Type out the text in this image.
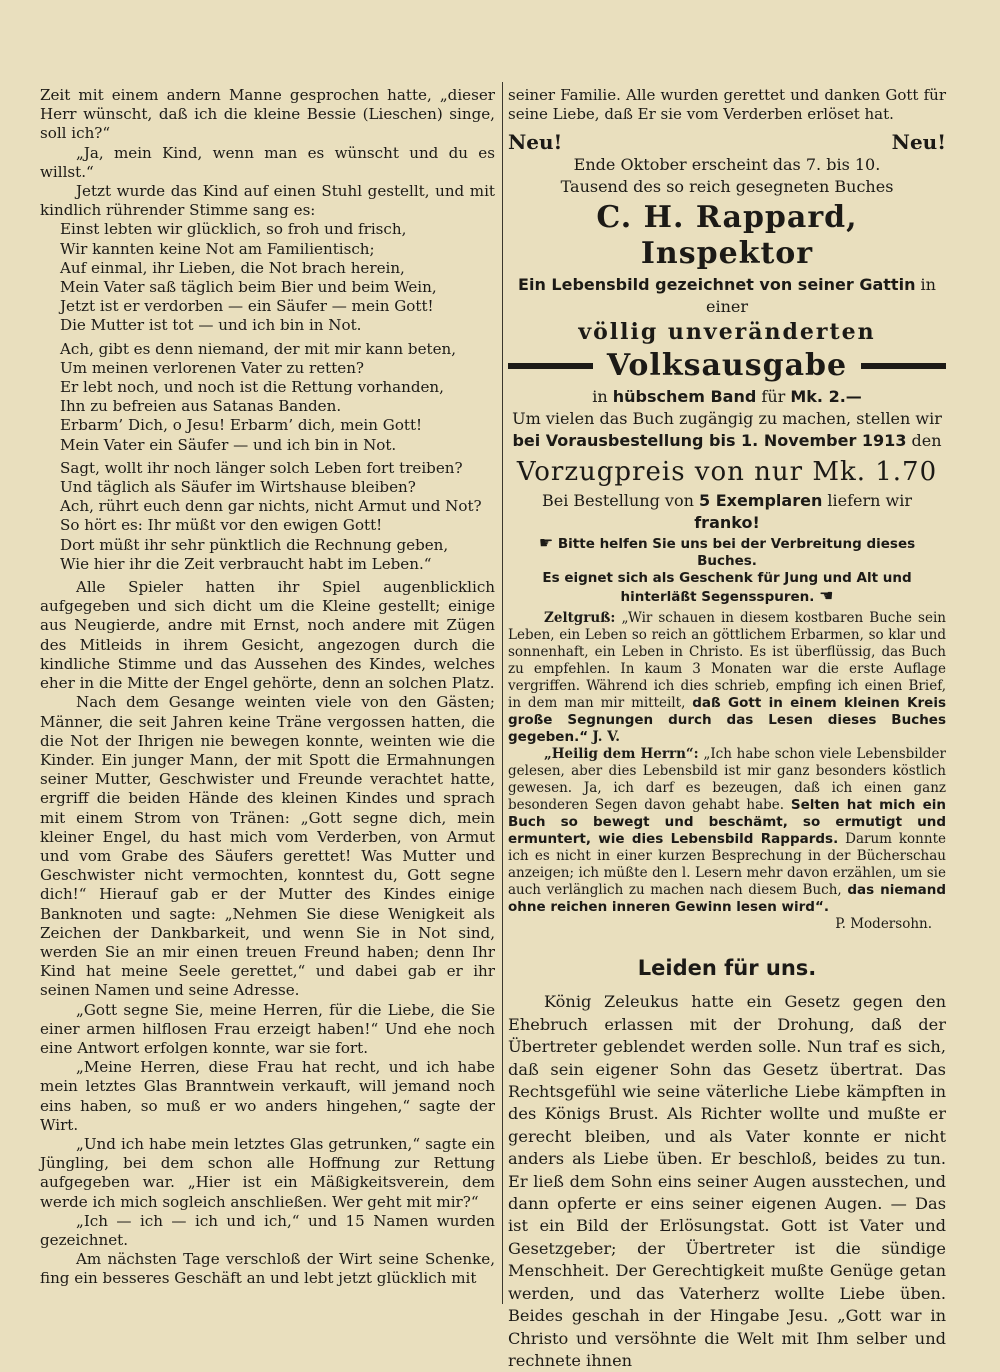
Zeit mit einem andern Manne gesprochen hatte, „dieser Herr wünscht, daß ich die kleine Bessie (Lieschen) singe, soll ich?“

„Ja, mein Kind, wenn man es wünscht und du es willst.“

Jetzt wurde das Kind auf einen Stuhl gestellt, und mit kindlich rührender Stimme sang es:

Einst lebten wir glücklich, so froh und frisch,
Wir kannten keine Not am Familientisch;
Auf einmal, ihr Lieben, die Not brach herein,
Mein Vater saß täglich beim Bier und beim Wein,
Jetzt ist er verdorben — ein Säufer — mein Gott!
Die Mutter ist tot — und ich bin in Not.
Ach, gibt es denn niemand, der mit mir kann beten,
Um meinen verlorenen Vater zu retten?
Er lebt noch, und noch ist die Rettung vorhanden,
Ihn zu befreien aus Satanas Banden.
Erbarm’ Dich, o Jesu! Erbarm’ dich, mein Gott!
Mein Vater ein Säufer — und ich bin in Not.
Sagt, wollt ihr noch länger solch Leben fort treiben?
Und täglich als Säufer im Wirtshause bleiben?
Ach, rührt euch denn gar nichts, nicht Armut und Not?
So hört es: Ihr müßt vor den ewigen Gott!
Dort müßt ihr sehr pünktlich die Rechnung geben,
Wie hier ihr die Zeit verbraucht habt im Leben.“

Alle Spieler hatten ihr Spiel augenblicklich aufgegeben und sich dicht um die Kleine gestellt; einige aus Neugierde, andre mit Ernst, noch andere mit Zügen des Mitleids in ihrem Gesicht, angezogen durch die kindliche Stimme und das Aussehen des Kindes, welches eher in die Mitte der Engel gehörte, denn an solchen Platz.

Nach dem Gesange weinten viele von den Gästen; Männer, die seit Jahren keine Träne vergossen hatten, die die Not der Ihrigen nie bewegen konnte, weinten wie die Kinder. Ein junger Mann, der mit Spott die Ermahnungen seiner Mutter, Geschwister und Freunde verachtet hatte, ergriff die beiden Hände des kleinen Kindes und sprach mit einem Strom von Tränen: „Gott segne dich, mein kleiner Engel, du hast mich vom Verderben, von Armut und vom Grabe des Säufers gerettet! Was Mutter und Geschwister nicht vermochten, konntest du, Gott segne dich!“ Hierauf gab er der Mutter des Kindes einige Banknoten und sagte: „Nehmen Sie diese Wenigkeit als Zeichen der Dankbarkeit, und wenn Sie in Not sind, werden Sie an mir einen treuen Freund haben; denn Ihr Kind hat meine Seele gerettet,“ und dabei gab er ihr seinen Namen und seine Adresse.

„Gott segne Sie, meine Herren, für die Liebe, die Sie einer armen hilflosen Frau erzeigt haben!“ Und ehe noch eine Antwort erfolgen konnte, war sie fort.

„Meine Herren, diese Frau hat recht, und ich habe mein letztes Glas Branntwein verkauft, will jemand noch eins haben, so muß er wo anders hingehen,“ sagte der Wirt.

„Und ich habe mein letztes Glas getrunken,“ sagte ein Jüngling, bei dem schon alle Hoffnung zur Rettung aufgegeben war. „Hier ist ein Mäßigkeitsverein, dem werde ich mich sogleich anschließen. Wer geht mit mir?“

„Ich — ich — ich und ich,“ und 15 Namen wurden gezeichnet.

Am nächsten Tage verschloß der Wirt seine Schenke, fing ein besseres Geschäft an und lebt jetzt glücklich mit

seiner Familie. Alle wurden gerettet und danken Gott für seine Liebe, daß Er sie vom Verderben erlöset hat.

Neu!	Neu!
Ende Oktober erscheint das 7. bis 10.
Tausend des so reich gesegneten Buches
C. H. Rappard, Inspektor
Ein Lebensbild gezeichnet von seiner Gattin in einer
völlig unveränderten
Volksausgabe
in hübschem Band für Mk. 2.—
Um vielen das Buch zugängig zu machen, stellen wir bei Vorausbestellung bis 1. November 1913 den
Vorzugpreis von nur Mk. 1.70
Bei Bestellung von 5 Exemplaren liefern wir franko!
☛ Bitte helfen Sie uns bei der Verbreitung dieses Buches.
Es eignet sich als Geschenk für Jung und Alt und hinterläßt Segensspuren. ☚

Zeltgruß: „Wir schauen in diesem kostbaren Buche sein Leben, ein Leben so reich an göttlichem Erbarmen, so klar und sonnenhaft, ein Leben in Christo. Es ist überflüssig, das Buch zu empfehlen. In kaum 3 Monaten war die erste Auflage vergriffen. Während ich dies schrieb, empfing ich einen Brief, in dem man mir mitteilt, daß Gott in einem kleinen Kreis große Segnungen durch das Lesen dieses Buches gegeben.“ J. V.

„Heilig dem Herrn“: „Ich habe schon viele Lebensbilder gelesen, aber dies Lebensbild ist mir ganz besonders köstlich gewesen. Ja, ich darf es bezeugen, daß ich einen ganz besonderen Segen davon gehabt habe. Selten hat mich ein Buch so bewegt und beschämt, so ermutigt und ermuntert, wie dies Lebensbild Rappards. Darum konnte ich es nicht in einer kurzen Besprechung in der Bücherschau anzeigen; ich müßte den l. Lesern mehr davon erzählen, um sie auch verlänglich zu machen nach diesem Buch, das niemand ohne reichen inneren Gewinn lesen wird“.

P. Modersohn.
Leiden für uns.

König Zeleukus hatte ein Gesetz gegen den Ehebruch erlassen mit der Drohung, daß der Übertreter geblendet werden solle. Nun traf es sich, daß sein eigener Sohn das Gesetz übertrat. Das Rechtsgefühl wie seine väterliche Liebe kämpften in des Königs Brust. Als Richter wollte und mußte er gerecht bleiben, und als Vater konnte er nicht anders als Liebe üben. Er beschloß, beides zu tun. Er ließ dem Sohn eins seiner Augen ausstechen, und dann opferte er eins seiner eigenen Augen. — Das ist ein Bild der Erlösungstat. Gott ist Vater und Gesetzgeber; der Übertreter ist die sündige Menschheit. Der Gerechtigkeit mußte Genüge getan werden, und das Vaterherz wollte Liebe üben. Beides geschah in der Hingabe Jesu. „Gott war in Christo und versöhnte die Welt mit Ihm selber und rechnete ihnen
